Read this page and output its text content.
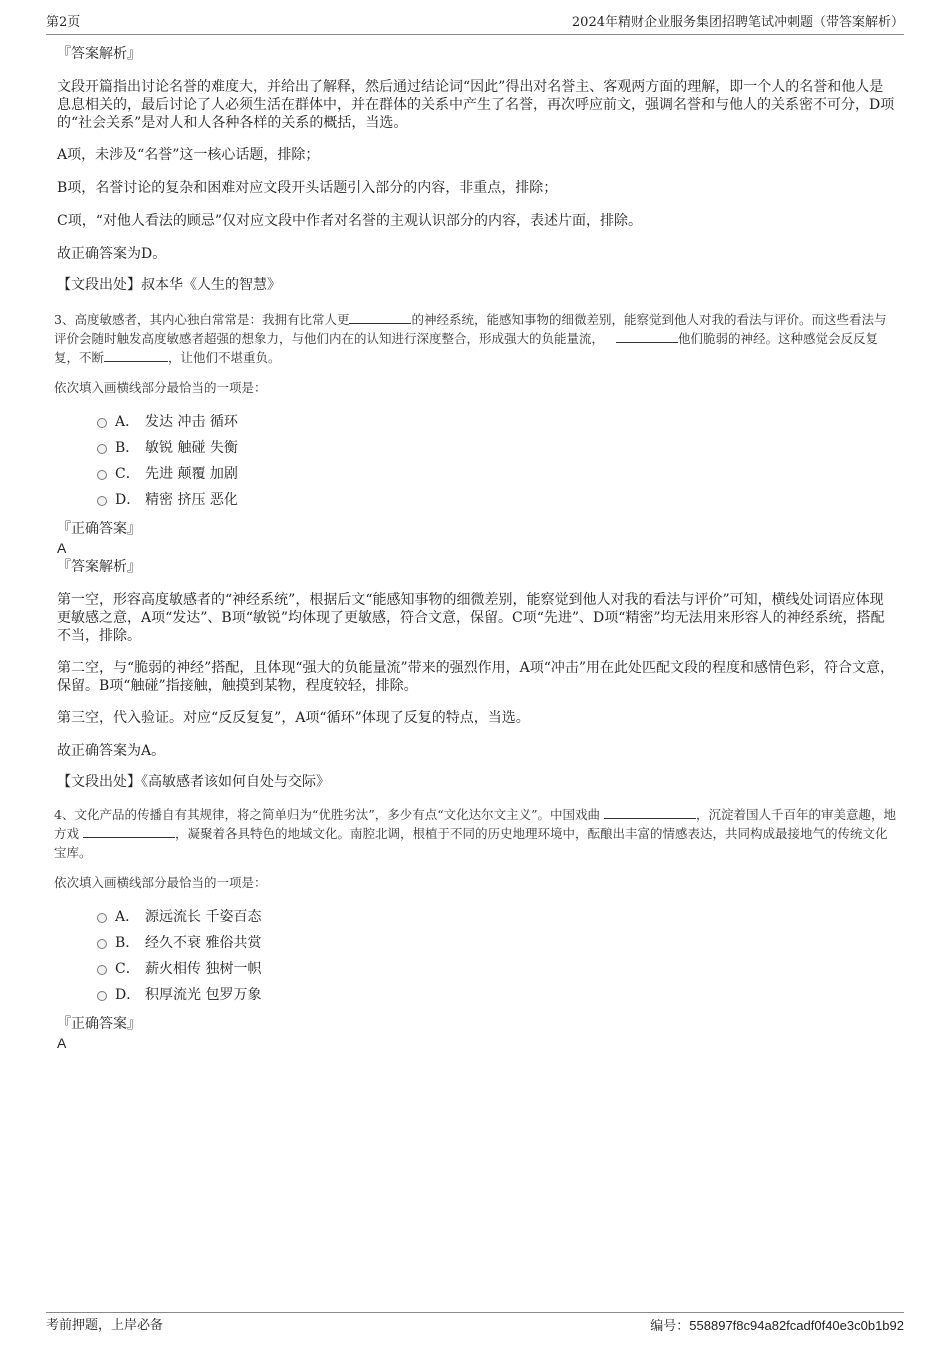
第2页	2024年精财企业服务集团招聘笔试冲刺题（带答案解析）

『答案解析』

文段开篇指出讨论名誉的难度大，并给出了解释，然后通过结论词“因此”得出对名誉主、客观两方面的理解，即一个人的名誉和他人是息息相关的，最后讨论了人必须生活在群体中，并在群体的关系中产生了名誉，再次呼应前文，强调名誉和与他人的关系密不可分，D项的“社会关系”是对人和人各种各样的关系的概括，当选。

A项，未涉及“名誉”这一核心话题，排除；

B项，名誉讨论的复杂和困难对应文段开头话题引入部分的内容，非重点，排除；

C项，“对他人看法的顾忌”仅对应文段中作者对名誉的主观认识部分的内容，表述片面，排除。

故正确答案为D。

【文段出处】叔本华《人生的智慧》

3、高度敏感者，其内心独白常常是：我拥有比常人更	的神经系统，能感知事物的细微差别，能察觉到他人对我的看法与评价。而这些看法与评价会随时触发高度敏感者超强的想象力，与他们内在的认知进行深度整合，形成强大的负能量流，	他们脆弱的神经。这种感觉会反反复复，不断	，让他们不堪重负。

依次填入画横线部分最恰当的一项是：

A． 发达 冲击 循环
B． 敏锐 触碰 失衡
C． 先进 颠覆 加剧
D． 精密 挤压 恶化

『正确答案』

A

『答案解析』

第一空，形容高度敏感者的“神经系统”，根据后文“能感知事物的细微差别，能察觉到他人对我的看法与评价”可知，横线处词语应体现更敏感之意，A项“发达”、B项“敏锐”均体现了更敏感，符合文意，保留。C项“先进”、D项“精密”均无法用来形容人的神经系统，搭配不当，排除。

第二空，与“脆弱的神经”搭配，且体现“强大的负能量流”带来的强烈作用，A项“冲击”用在此处匹配文段的程度和感情色彩，符合文意，保留。B项“触碰”指接触，触摸到某物，程度较轻，排除。

第三空，代入验证。对应“反反复复”，A项“循环”体现了反复的特点，当选。

故正确答案为A。

【文段出处】《高敏感者该如何自处与交际》

4、文化产品的传播自有其规律，将之简单归为“优胜劣汰”，多少有点“文化达尔文主义”。中国戏曲	，沉淀着国人千百年的审美意趣，地方戏	，凝聚着各具特色的地域文化。南腔北调，根植于不同的历史地理环境中，酝酿出丰富的情感表达，共同构成最接地气的传统文化宝库。

依次填入画横线部分最恰当的一项是：

A． 源远流长 千姿百态
B． 经久不衰 雅俗共赏
C． 薪火相传 独树一帜
D． 积厚流光 包罗万象

『正确答案』

A

考前押题，上岸必备	编号：558897f8c94a82fcadf0f40e3c0b1b92
